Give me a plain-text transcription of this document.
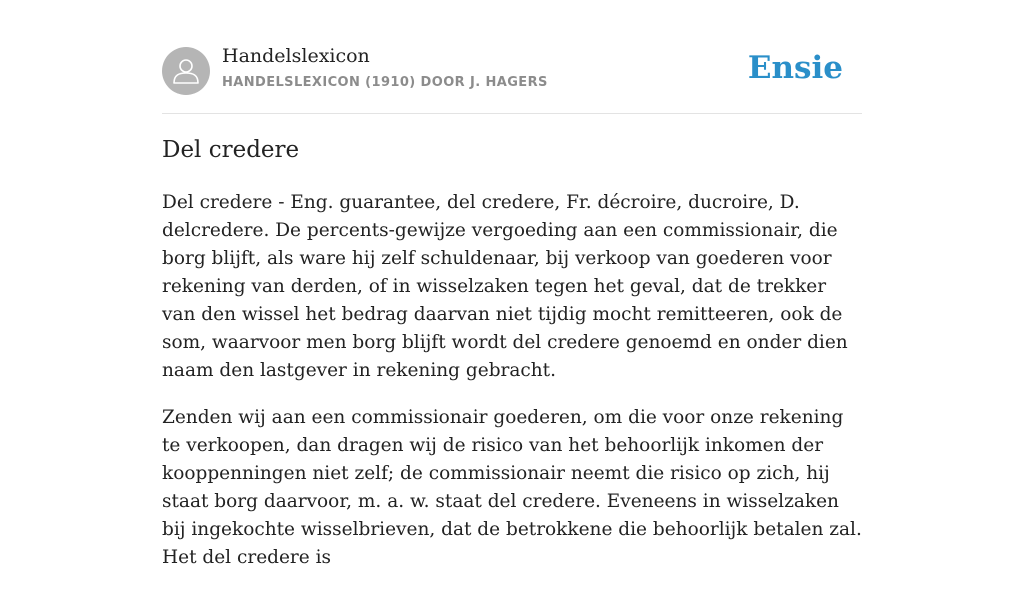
Handelslexicon
HANDELSLEXICON (1910) DOOR J. HAGERS	Ensie
Del credere

Del credere - Eng. guarantee, del credere, Fr. décroire, ducroire, D. delcredere. De percents-gewijze vergoeding aan een commissionair, die borg blijft, als ware hij zelf schuldenaar, bij verkoop van goederen voor rekening van derden, of in wisselzaken tegen het geval, dat de trekker van den wissel het bedrag daarvan niet tijdig mocht remitteeren, ook de som, waarvoor men borg blijft wordt del credere genoemd en onder dien naam den lastgever in rekening gebracht.

Zenden wij aan een commissionair goederen, om die voor onze rekening te verkoopen, dan dragen wij de risico van het behoorlijk inkomen der kooppenningen niet zelf; de commissionair neemt die risico op zich, hij staat borg daarvoor, m. a. w. staat del credere. Eveneens in wisselzaken bij ingekochte wisselbrieven, dat de betrokkene die behoorlijk betalen zal. Het del credere is
